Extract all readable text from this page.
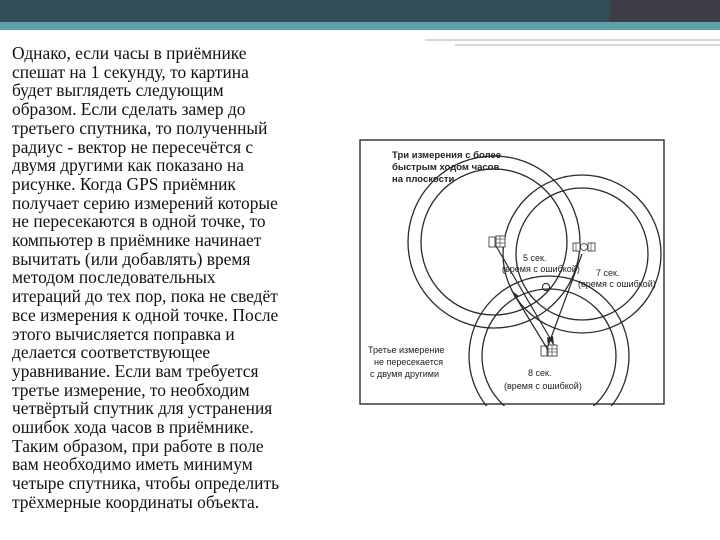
Однако, если часы в приёмнике
спешат на 1 секунду, то картина
будет выглядеть следующим
образом. Если сделать замер до
третьего спутника, то полученный
радиус - вектор не пересечётся с
двумя другими как показано на
рисунке. Когда GPS приёмник
получает серию измерений которые
не пересекаются в одной точке, то
компьютер в приёмнике начинает
вычитать (или добавлять) время
методом последовательных
итераций до тех пор, пока не сведёт
все измерения к одной точке. После
этого вычисляется поправка и
делается соответствующее
уравнивание. Если вам требуется
третье измерение, то необходим
четвёртый спутник для устранения
ошибок хода часов в приёмнике.
Таким образом, при работе в поле
вам необходимо иметь минимум
четыре спутника, чтобы определить
трёхмерные координаты объекта.

Три измерения с более
быстрым ходом часов
на плоскости
5 сек.
(время с ошибкой) 7 сек.
(время с ошибкой)
8 сек.
(время с ошибкой)
Третье измерение
не пересекается
с двумя другими
